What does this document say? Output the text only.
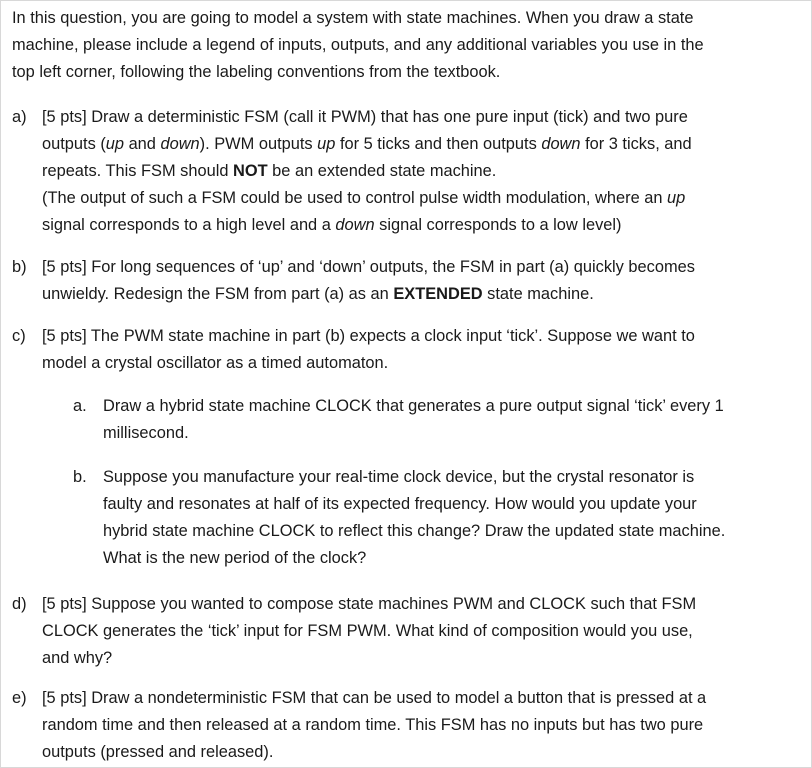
In this question, you are going to model a system with state machines. When you draw a state
machine, please include a legend of inputs, outputs, and any additional variables you use in the
top left corner, following the labeling conventions from the textbook.
a) [5 pts] Draw a deterministic FSM (call it PWM) that has one pure input (tick) and two pure
outputs (up and down). PWM outputs up for 5 ticks and then outputs down for 3 ticks, and
repeats. This FSM should NOT be an extended state machine.
(The output of such a FSM could be used to control pulse width modulation, where an up
signal corresponds to a high level and a down signal corresponds to a low level)
b) [5 pts] For long sequences of ‘up’ and ‘down’ outputs, the FSM in part (a) quickly becomes
unwieldy. Redesign the FSM from part (a) as an EXTENDED state machine.
c) [5 pts] The PWM state machine in part (b) expects a clock input ‘tick’. Suppose we want to
model a crystal oscillator as a timed automaton.
a. Draw a hybrid state machine CLOCK that generates a pure output signal ‘tick’ every 1
millisecond.
b. Suppose you manufacture your real-time clock device, but the crystal resonator is
faulty and resonates at half of its expected frequency. How would you update your
hybrid state machine CLOCK to reflect this change? Draw the updated state machine.
What is the new period of the clock?
d) [5 pts] Suppose you wanted to compose state machines PWM and CLOCK such that FSM
CLOCK generates the ‘tick’ input for FSM PWM. What kind of composition would you use,
and why?
e) [5 pts] Draw a nondeterministic FSM that can be used to model a button that is pressed at a
random time and then released at a random time. This FSM has no inputs but has two pure
outputs (pressed and released).
